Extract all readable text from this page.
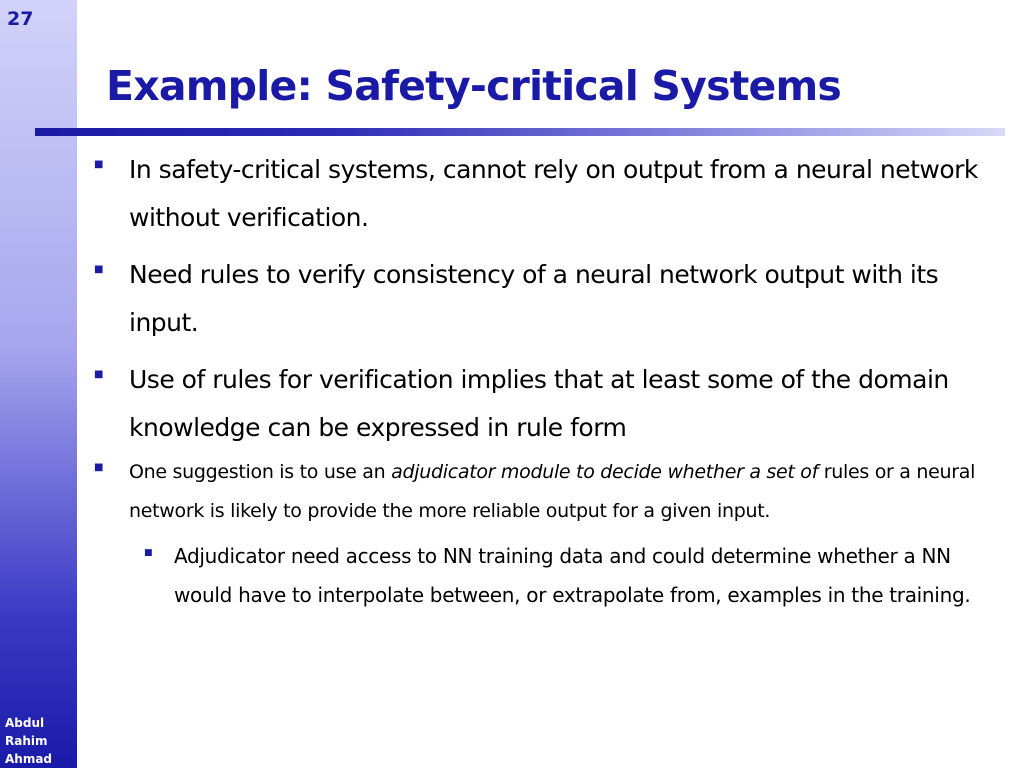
27
Abdul
Rahim
Ahmad
Example: Safety-critical Systems
■ In safety-critical systems, cannot rely on output from a neural network without verification.
■ Need rules to verify consistency of a neural network output with its input.
■ Use of rules for verification implies that at least some of the domain knowledge can be expressed in rule form
■ One suggestion is to use an adjudicator module to decide whether a set of rules or a neural network is likely to provide the more reliable output for a given input.
■ Adjudicator need access to NN training data and could determine whether a NN would have to interpolate between, or extrapolate from, examples in the training.
